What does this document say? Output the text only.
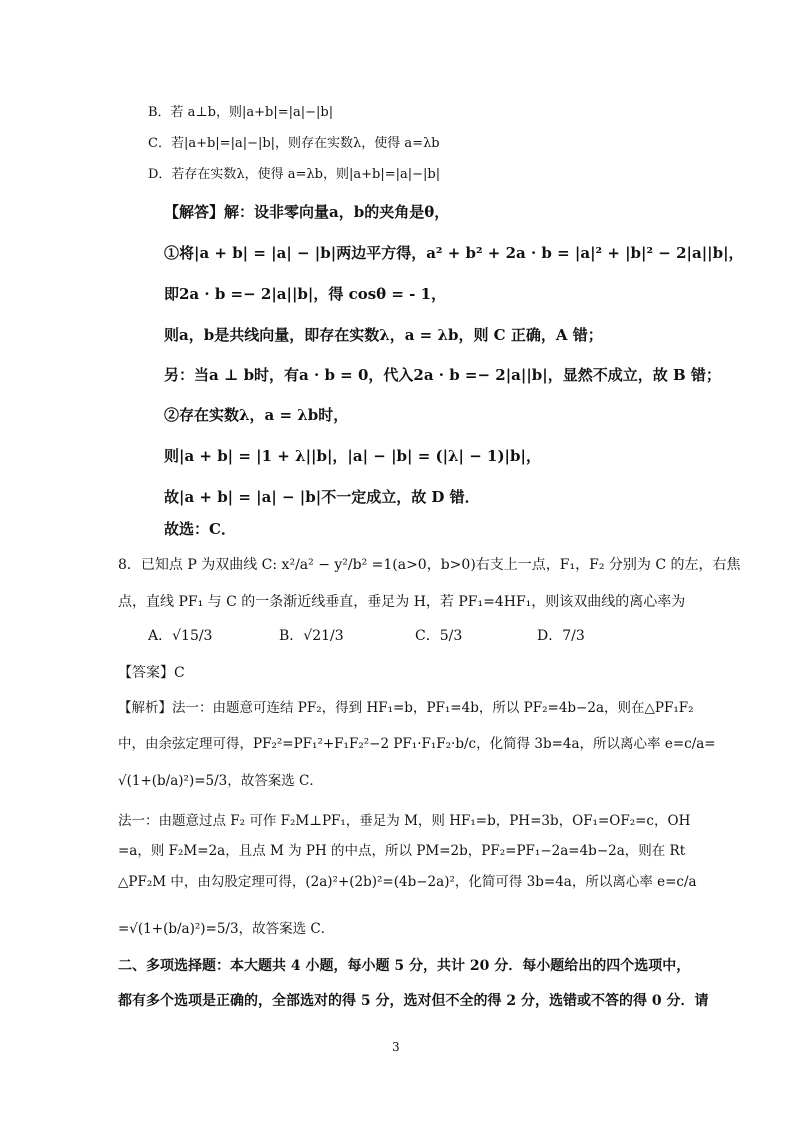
B．若 a⊥b，则|a+b|=|a|−|b|
C．若|a+b|=|a|−|b|，则存在实数λ，使得 a=λb
D．若存在实数λ，使得 a=λb，则|a+b|=|a|−|b|
【解答】解：设非零向量a，b的夹角是θ，
①将|a + b| = |a| − |b|两边平方得，a² + b² + 2a · b = |a|² + |b|² − 2|a||b|，
即2a · b =− 2|a||b|，得 cosθ = - 1，
则a，b是共线向量，即存在实数λ，a = λb，则 C 正确，A 错；
另：当a ⊥ b时，有a · b = 0，代入2a · b =− 2|a||b|，显然不成立，故 B 错；
②存在实数λ，a = λb时，
则|a + b| = |1 + λ||b|，|a| − |b| = (|λ| − 1)|b|，
故|a + b| = |a| − |b|不一定成立，故 D 错．
故选：C．
8．已知点 P 为双曲线 C: x²/a² − y²/b² =1(a>0，b>0)右支上一点，F₁，F₂ 分别为 C 的左，右焦
点，直线 PF₁ 与 C 的一条渐近线垂直，垂足为 H，若 PF₁=4HF₁，则该双曲线的离心率为
A．√15/3	B．√21/3	C．5/3	D．7/3
【答案】C
【解析】法一：由题意可连结 PF₂，得到 HF₁=b，PF₁=4b，所以 PF₂=4b−2a，则在△PF₁F₂
中，由余弦定理可得，PF₂²=PF₁²+F₁F₂²−2 PF₁·F₁F₂·b/c，化简得 3b=4a，所以离心率 e=c/a=
√(1+(b/a)²)=5/3，故答案选 C．
法一：由题意过点 F₂ 可作 F₂M⊥PF₁，垂足为 M，则 HF₁=b，PH=3b，OF₁=OF₂=c，OH
=a，则 F₂M=2a，且点 M 为 PH 的中点，所以 PM=2b，PF₂=PF₁−2a=4b−2a，则在 Rt
△PF₂M 中，由勾股定理可得，(2a)²+(2b)²=(4b−2a)²，化简可得 3b=4a，所以离心率 e=c/a
=√(1+(b/a)²)=5/3，故答案选 C．
二、多项选择题：本大题共 4 小题，每小题 5 分，共计 20 分．每小题给出的四个选项中，
都有多个选项是正确的，全部选对的得 5 分，选对但不全的得 2 分，选错或不答的得 0 分．请
3
